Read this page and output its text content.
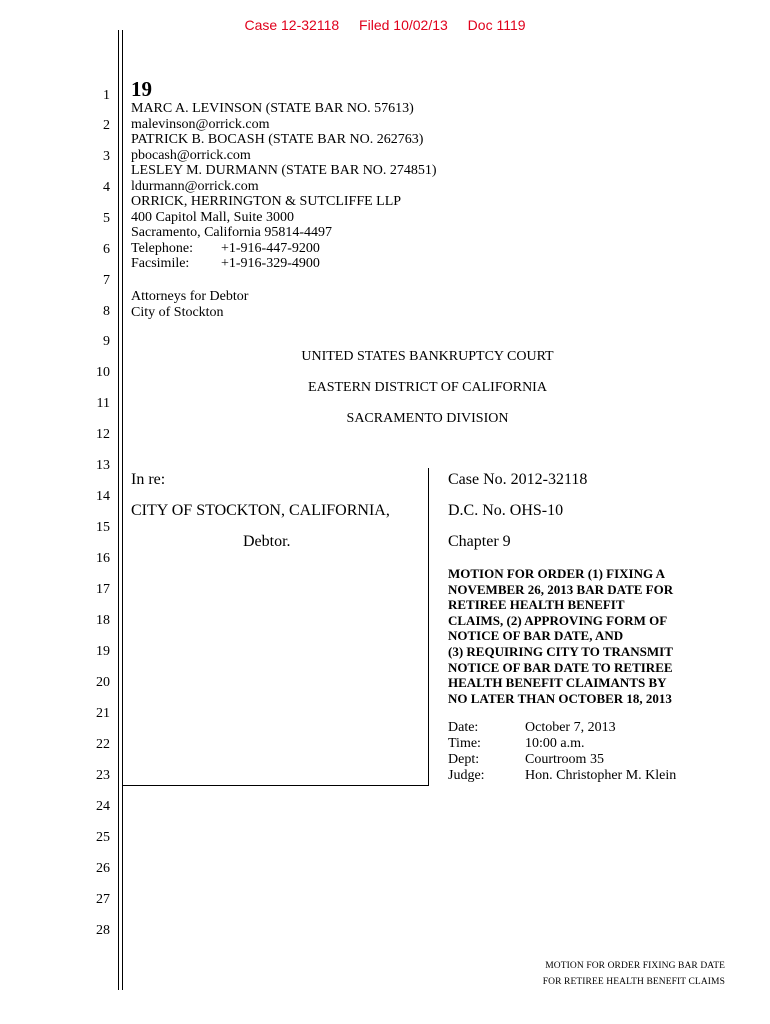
Case 12-32118 Filed 10/02/13 Doc 1119
1
2
3
4
5
6
7
8
9
10
11
12
13
14
15
16
17
18
19
20
21
22
23
24
25
26
27
28
19
MARC A. LEVINSON (STATE BAR NO. 57613)
malevinson@orrick.com
PATRICK B. BOCASH (STATE BAR NO. 262763)
pbocash@orrick.com
LESLEY M. DURMANN (STATE BAR NO. 274851)
ldurmann@orrick.com
ORRICK, HERRINGTON & SUTCLIFFE LLP
400 Capitol Mall, Suite 3000
Sacramento, California 95814-4497
Telephone: +1-916-447-9200
Facsimile: +1-916-329-4900
Attorneys for Debtor
City of Stockton
UNITED STATES BANKRUPTCY COURT
EASTERN DISTRICT OF CALIFORNIA
SACRAMENTO DIVISION
In re:
CITY OF STOCKTON, CALIFORNIA,
Debtor.
Case No. 2012-32118
D.C. No. OHS-10
Chapter 9
MOTION FOR ORDER (1) FIXING A
NOVEMBER 26, 2013 BAR DATE FOR
RETIREE HEALTH BENEFIT
CLAIMS, (2) APPROVING FORM OF
NOTICE OF BAR DATE, AND
(3) REQUIRING CITY TO TRANSMIT
NOTICE OF BAR DATE TO RETIREE
HEALTH BENEFIT CLAIMANTS BY
NO LATER THAN OCTOBER 18, 2013
Date:	October 7, 2013
Time:	10:00 a.m.
Dept:	Courtroom 35
Judge:	Hon. Christopher M. Klein
MOTION FOR ORDER FIXING BAR DATE
FOR RETIREE HEALTH BENEFIT CLAIMS
